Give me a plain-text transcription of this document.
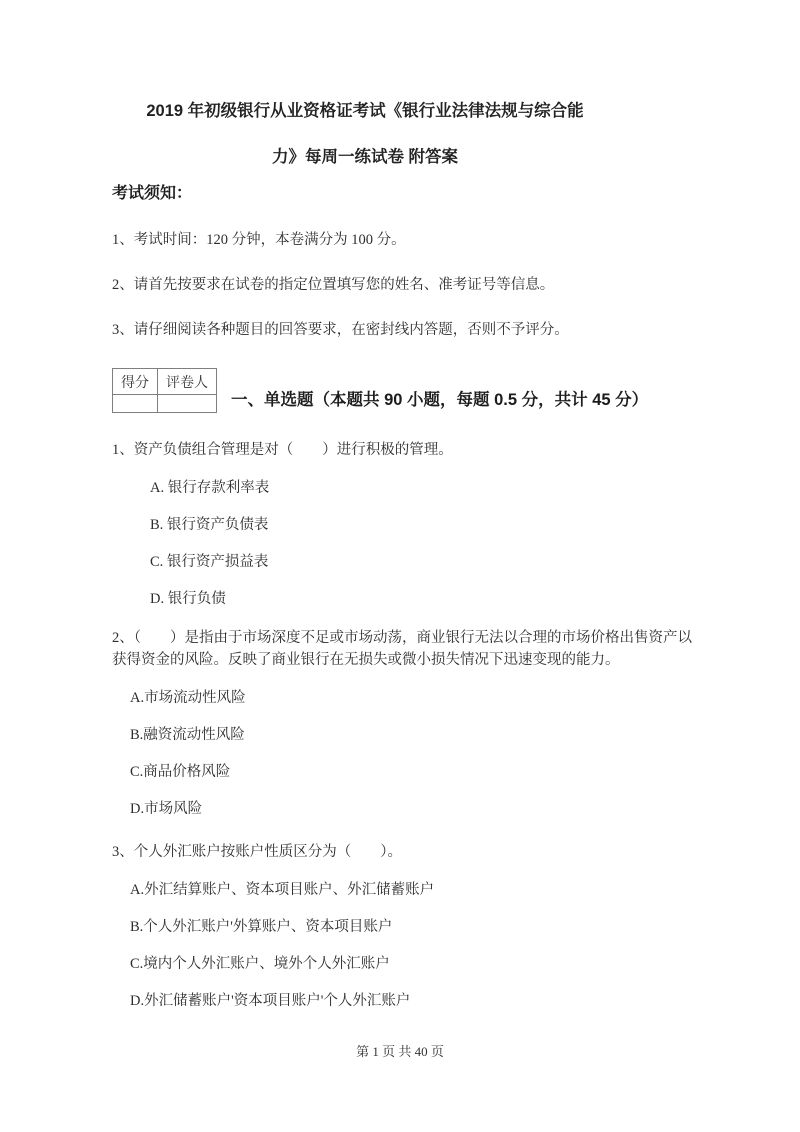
2019 年初级银行从业资格证考试《银行业法律法规与综合能
力》每周一练试卷 附答案
考试须知：
1、考试时间：120 分钟，本卷满分为 100 分。
2、请首先按要求在试卷的指定位置填写您的姓名、准考证号等信息。
3、请仔细阅读各种题目的回答要求，在密封线内答题，否则不予评分。
得分	评卷人

一、单选题（本题共 90 小题，每题 0.5 分，共计 45 分）
1、资产负债组合管理是对（　　）进行积极的管理。
A. 银行存款利率表
B. 银行资产负债表
C. 银行资产损益表
D. 银行负债
2、（　　）是指由于市场深度不足或市场动荡，商业银行无法以合理的市场价格出售资产以获得资金的风险。反映了商业银行在无损失或微小损失情况下迅速变现的能力。
A.市场流动性风险
B.融资流动性风险
C.商品价格风险
D.市场风险
3、个人外汇账户按账户性质区分为（　　）。
A.外汇结算账户、资本项目账户、外汇储蓄账户
B.个人外汇账户'外算账户、资本项目账户
C.境内个人外汇账户、境外个人外汇账户
D.外汇储蓄账户'资本项目账户'个人外汇账户
第 1 页 共 40 页
